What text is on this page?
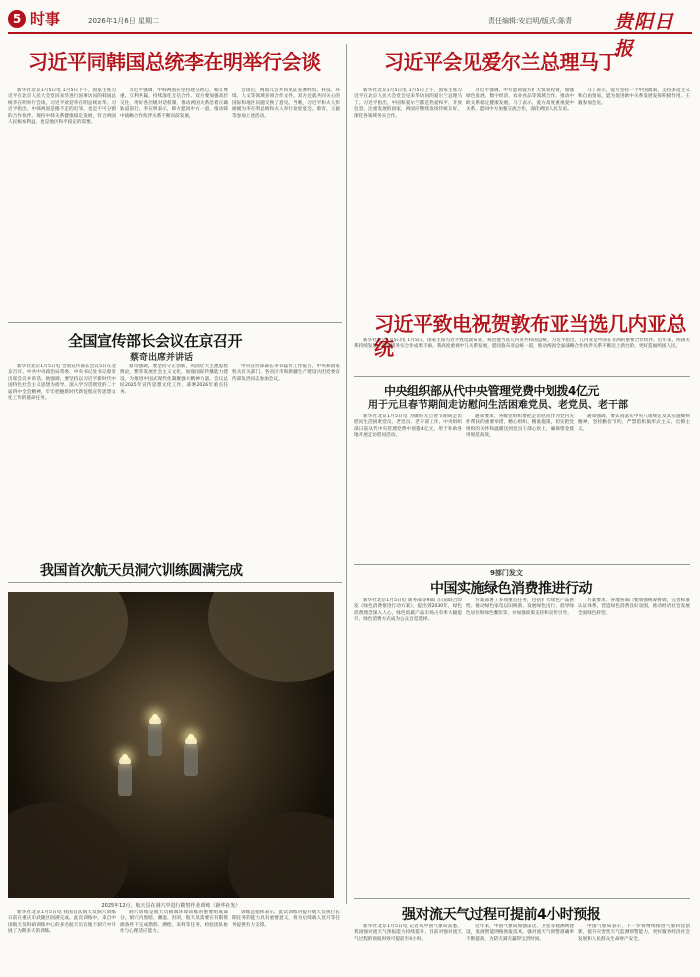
5 时事	2026年1月6日 星期二	责任编辑:安启明/版式:陈青 贵阳日报
习近平同韩国总统李在明举行会谈

新华社北京1月5日电 1月5日下午，国家主席习近平在北京人民大会堂同来华进行国事访问的韩国总统李在明举行会谈。习近平欢迎李在明总统访华。习近平指出，中韩两国是搬不走的近邻，也是不可分割的合作伙伴。保持中韩关系健康稳定发展，符合两国人民根本利益，也是地区和平稳定的需要。

习近平强调，中韩两国应坚持建交初心，相互尊重、互利共赢，持续深化互信合作。双方要加强高层交往，用好各层级对话机制，推动两国关系沿着正确轨道前行。李在明表示，韩方愿同中方一道，推动韩中战略合作伙伴关系不断向前发展。

会谈后，两国元首共同见证签署经贸、科技、环境、人文等领域多项合作文件。双方还就共同关心的国际和地区问题交换了意见。当晚，习近平和夫人彭丽媛为李在明总统和夫人举行欢迎宴会。蔡奇、王毅等参加上述活动。

习近平会见爱尔兰总理马丁

新华社北京1月5日电 1月5日上午，国家主席习近平在北京人民大会堂会见来华访问的爱尔兰总理马丁。习近平指出，中国和爱尔兰都是热爱和平、开放包容、注重发展的国家，两国应继续发扬传统友好，深化各领域务实合作。

习近平强调，中方愿同爱方扩大贸易投资，加强绿色发展、数字经济、农业食品等领域合作，推动中欧关系稳定健康发展。马丁表示，爱方高度重视爱中关系，愿同中方加强交流合作，深化两国人民友谊。

马丁表示，爱方坚持一个中国政策，支持多边主义和自由贸易，愿为促进欧中关系发展发挥积极作用。王毅参加会见。

习近平致电祝贺敦布亚当选几内亚总统

新华社北京1月5日电 1月5日，国家主席习近平致电敦布亚，祝贺他当选几内亚共和国总统。习近平指出，几内亚是中国在非洲的重要合作伙伴。近年来，两国关系持续发展，各领域务实合作成果丰硕。我高度重视中几关系发展，愿同敦布亚总统一道，推动两国全面战略合作伙伴关系不断迈上新台阶，更好造福两国人民。

全国宣传部长会议在京召开
蔡奇出席并讲话

新华社北京1月5日电 全国宣传部长会议5日在北京召开。中共中央政治局常委、中央书记处书记蔡奇出席会议并讲话。他强调，要坚持以习近平新时代中国特色社会主义思想为指导，深入学习贯彻党的二十届四中全会精神，牢牢把握新时代新征程宣传思想文化工作的使命任务。

蔡奇强调，要坚持守正创新，巩固壮大主流思想舆论，繁荣发展社会主义文化，加强国际传播能力建设，为推进中国式现代化凝聚强大精神力量。会议总结2025年宣传思想文化工作，部署2026年重点任务。

中央宣传部部长李书磊作工作报告。中央和国家机关有关部门、各省区市和新疆生产建设兵团党委宣传部负责同志参加会议。

中央组织部从代中央管理党费中划拨4亿元
用于元旦春节期间走访慰问生活困难党员、老党员、老干部

新华社北京1月5日电 为做好元旦春节期间走访慰问生活困难党员、老党员、老干部工作，中央组织部日前从代中央管理党费中划拨4亿元，用于补助各地开展走访慰问活动。

通知要求，各级党组织要把走访慰问作为党内关怀帮扶的重要举措，精心组织、精准施策，切实把党组织的关怀和温暖送到党员干部心坎上，确保资金使用规范高效。

通知强调，要认真落实中央八项规定及其实施细则精神，坚持勤俭节约，严禁借机搞形式主义、官僚主义。

我国首次航天员洞穴训练圆满完成
2025年12月，航天员在洞穴中进行勘察作业训练（新华社发）

新华社北京1月5日电 我国首次航天员洞穴训练日前在重庆市武隆区圆满完成。此次训练中，来自中国航天员科研训练中心的多名航天员在地下洞穴中开展了为期多天的训练。

洞穴训练是航天员极端环境训练的重要组成部分。洞穴内黑暗、潮湿、封闭，航天员需要在有限资源条件下完成勘察、测绘、采样等任务，检验团队协作与心理适应能力。

训练总指挥表示，此次训练对提升航天员执行长期任务的能力具有重要意义，将为后续载人登月等任务提供有力支撑。

9部门发文
中国实施绿色消费推进行动

新华社北京1月5日电 商务部等9部门日前联合印发《绿色消费推进行动方案》，提出到2030年，绿色消费理念深入人心，绿色低碳产品市场占有率大幅提升，绿色消费方式成为公众自觉选择。

方案部署了多项重点任务，包括扩大绿色产品供给、推动绿色家电以旧换新、发展绿色出行、倡导绿色居住和绿色餐饮等，并加强政策支持和宣传引导。

方案要求，各地各部门要加强统筹协调，完善标准认证体系，营造绿色消费良好氛围，推动经济社会发展全面绿色转型。

强对流天气过程可提前4小时预报

新华社北京1月5日电 记者从中国气象局获悉，我国强对流天气预报能力持续提升，目前对强对流天气过程的预报时效可提前至4小时。

近年来，中国气象局加强雷达、卫星等观测网建设，发展智能网格预报技术，强对流天气预警准确率不断提高，为防灾减灾赢得宝贵时间。

中国气象局表示，下一步将继续推进气象科技创新，提升灾害性天气监测预警能力，更好服务经济社会发展和人民群众生命财产安全。
